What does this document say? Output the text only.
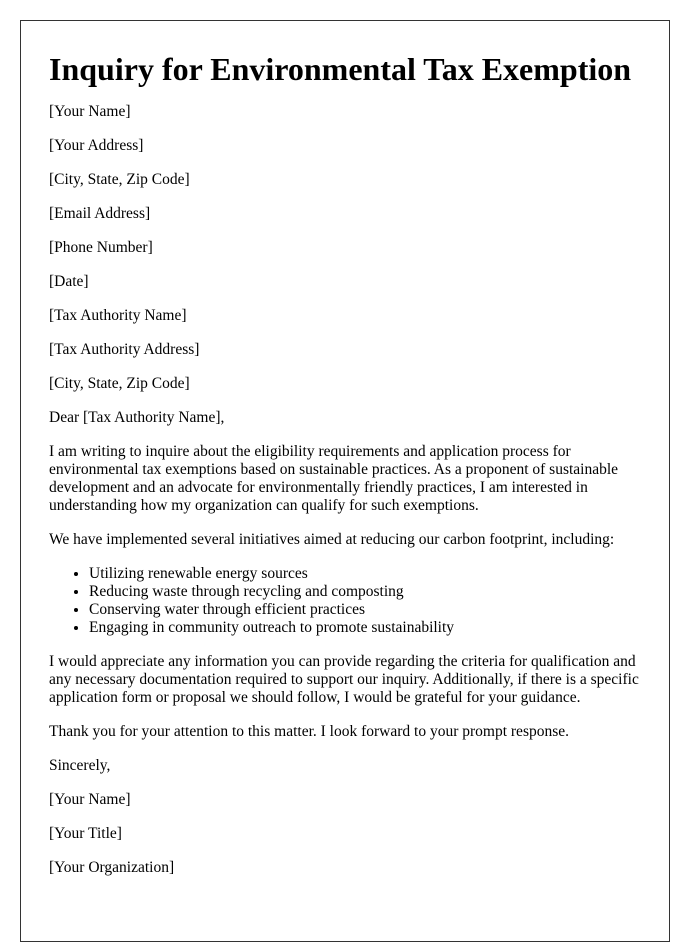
Inquiry for Environmental Tax Exemption

[Your Name]

[Your Address]

[City, State, Zip Code]

[Email Address]

[Phone Number]

[Date]

[Tax Authority Name]

[Tax Authority Address]

[City, State, Zip Code]

Dear [Tax Authority Name],

I am writing to inquire about the eligibility requirements and application process for environmental tax exemptions based on sustainable practices. As a proponent of sustainable development and an advocate for environmentally friendly practices, I am interested in understanding how my organization can qualify for such exemptions.

We have implemented several initiatives aimed at reducing our carbon footprint, including:

• Utilizing renewable energy sources
• Reducing waste through recycling and composting
• Conserving water through efficient practices
• Engaging in community outreach to promote sustainability

I would appreciate any information you can provide regarding the criteria for qualification and any necessary documentation required to support our inquiry. Additionally, if there is a specific application form or proposal we should follow, I would be grateful for your guidance.

Thank you for your attention to this matter. I look forward to your prompt response.

Sincerely,

[Your Name]

[Your Title]

[Your Organization]
